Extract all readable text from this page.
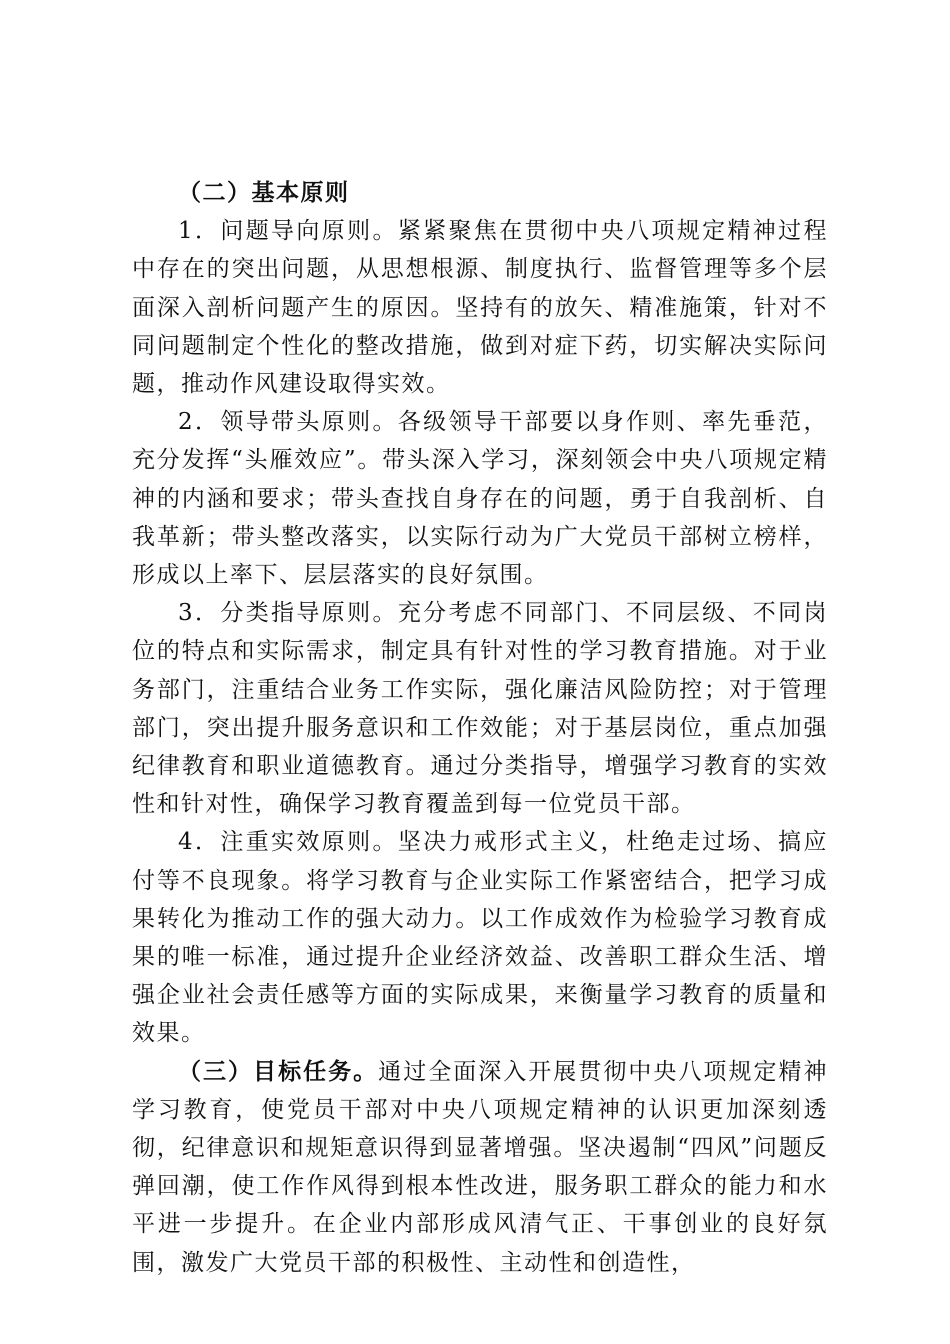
（二）基本原则

1．问题导向原则。紧紧聚焦在贯彻中央八项规定精神过程中存在的突出问题，从思想根源、制度执行、监督管理等多个层面深入剖析问题产生的原因。坚持有的放矢、精准施策，针对不同问题制定个性化的整改措施，做到对症下药，切实解决实际问题，推动作风建设取得实效。

2．领导带头原则。各级领导干部要以身作则、率先垂范，充分发挥“头雁效应”。带头深入学习，深刻领会中央八项规定精神的内涵和要求；带头查找自身存在的问题，勇于自我剖析、自我革新；带头整改落实，以实际行动为广大党员干部树立榜样，形成以上率下、层层落实的良好氛围。

3．分类指导原则。充分考虑不同部门、不同层级、不同岗位的特点和实际需求，制定具有针对性的学习教育措施。对于业务部门，注重结合业务工作实际，强化廉洁风险防控；对于管理部门，突出提升服务意识和工作效能；对于基层岗位，重点加强纪律教育和职业道德教育。通过分类指导，增强学习教育的实效性和针对性，确保学习教育覆盖到每一位党员干部。

4．注重实效原则。坚决力戒形式主义，杜绝走过场、搞应付等不良现象。将学习教育与企业实际工作紧密结合，把学习成果转化为推动工作的强大动力。以工作成效作为检验学习教育成果的唯一标准，通过提升企业经济效益、改善职工群众生活、增强企业社会责任感等方面的实际成果，来衡量学习教育的质量和效果。

（三）目标任务。通过全面深入开展贯彻中央八项规定精神学习教育，使党员干部对中央八项规定精神的认识更加深刻透彻，纪律意识和规矩意识得到显著增强。坚决遏制“四风”问题反弹回潮，使工作作风得到根本性改进，服务职工群众的能力和水平进一步提升。在企业内部形成风清气正、干事创业的良好氛围，激发广大党员干部的积极性、主动性和创造性，
